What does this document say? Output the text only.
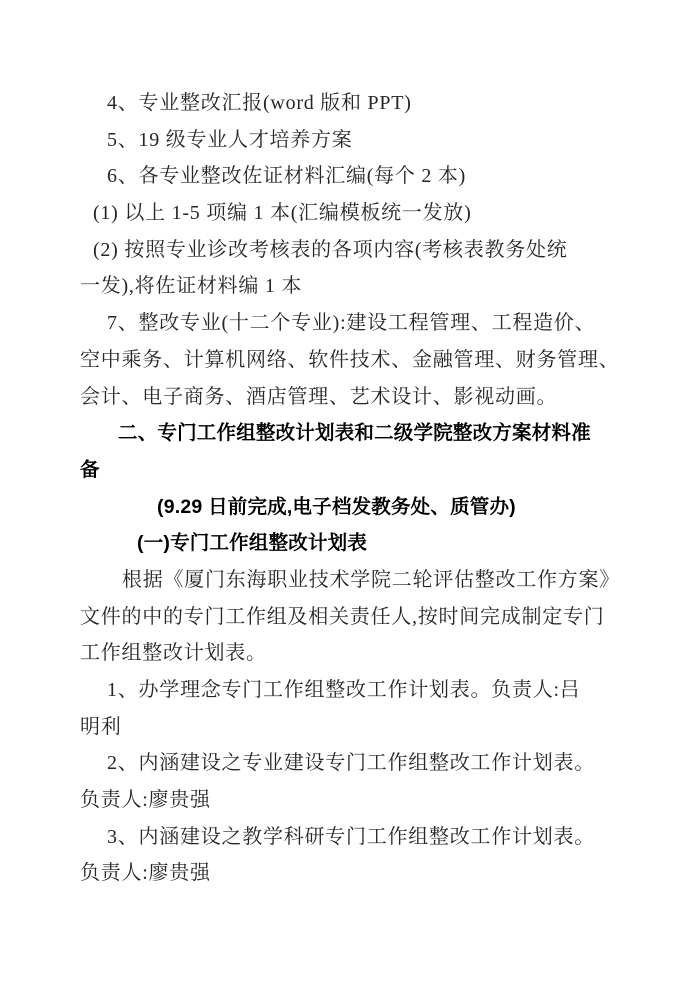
4、专业整改汇报(word 版和 PPT)
5、19 级专业人才培养方案
6、各专业整改佐证材料汇编(每个 2 本)
(1) 以上 1-5 项编 1 本(汇编模板统一发放)
(2) 按照专业诊改考核表的各项内容(考核表教务处统
一发),将佐证材料编 1 本
7、整改专业(十二个专业):建设工程管理、工程造价、
空中乘务、计算机网络、软件技术、金融管理、财务管理、
会计、电子商务、酒店管理、艺术设计、影视动画。
二、专门工作组整改计划表和二级学院整改方案材料准
备
(9.29 日前完成,电子档发教务处、质管办)
(一)专门工作组整改计划表
根据《厦门东海职业技术学院二轮评估整改工作方案》
文件的中的专门工作组及相关责任人,按时间完成制定专门
工作组整改计划表。
1、办学理念专门工作组整改工作计划表。负责人:吕
明利
2、内涵建设之专业建设专门工作组整改工作计划表。
负责人:廖贵强
3、内涵建设之教学科研专门工作组整改工作计划表。
负责人:廖贵强
